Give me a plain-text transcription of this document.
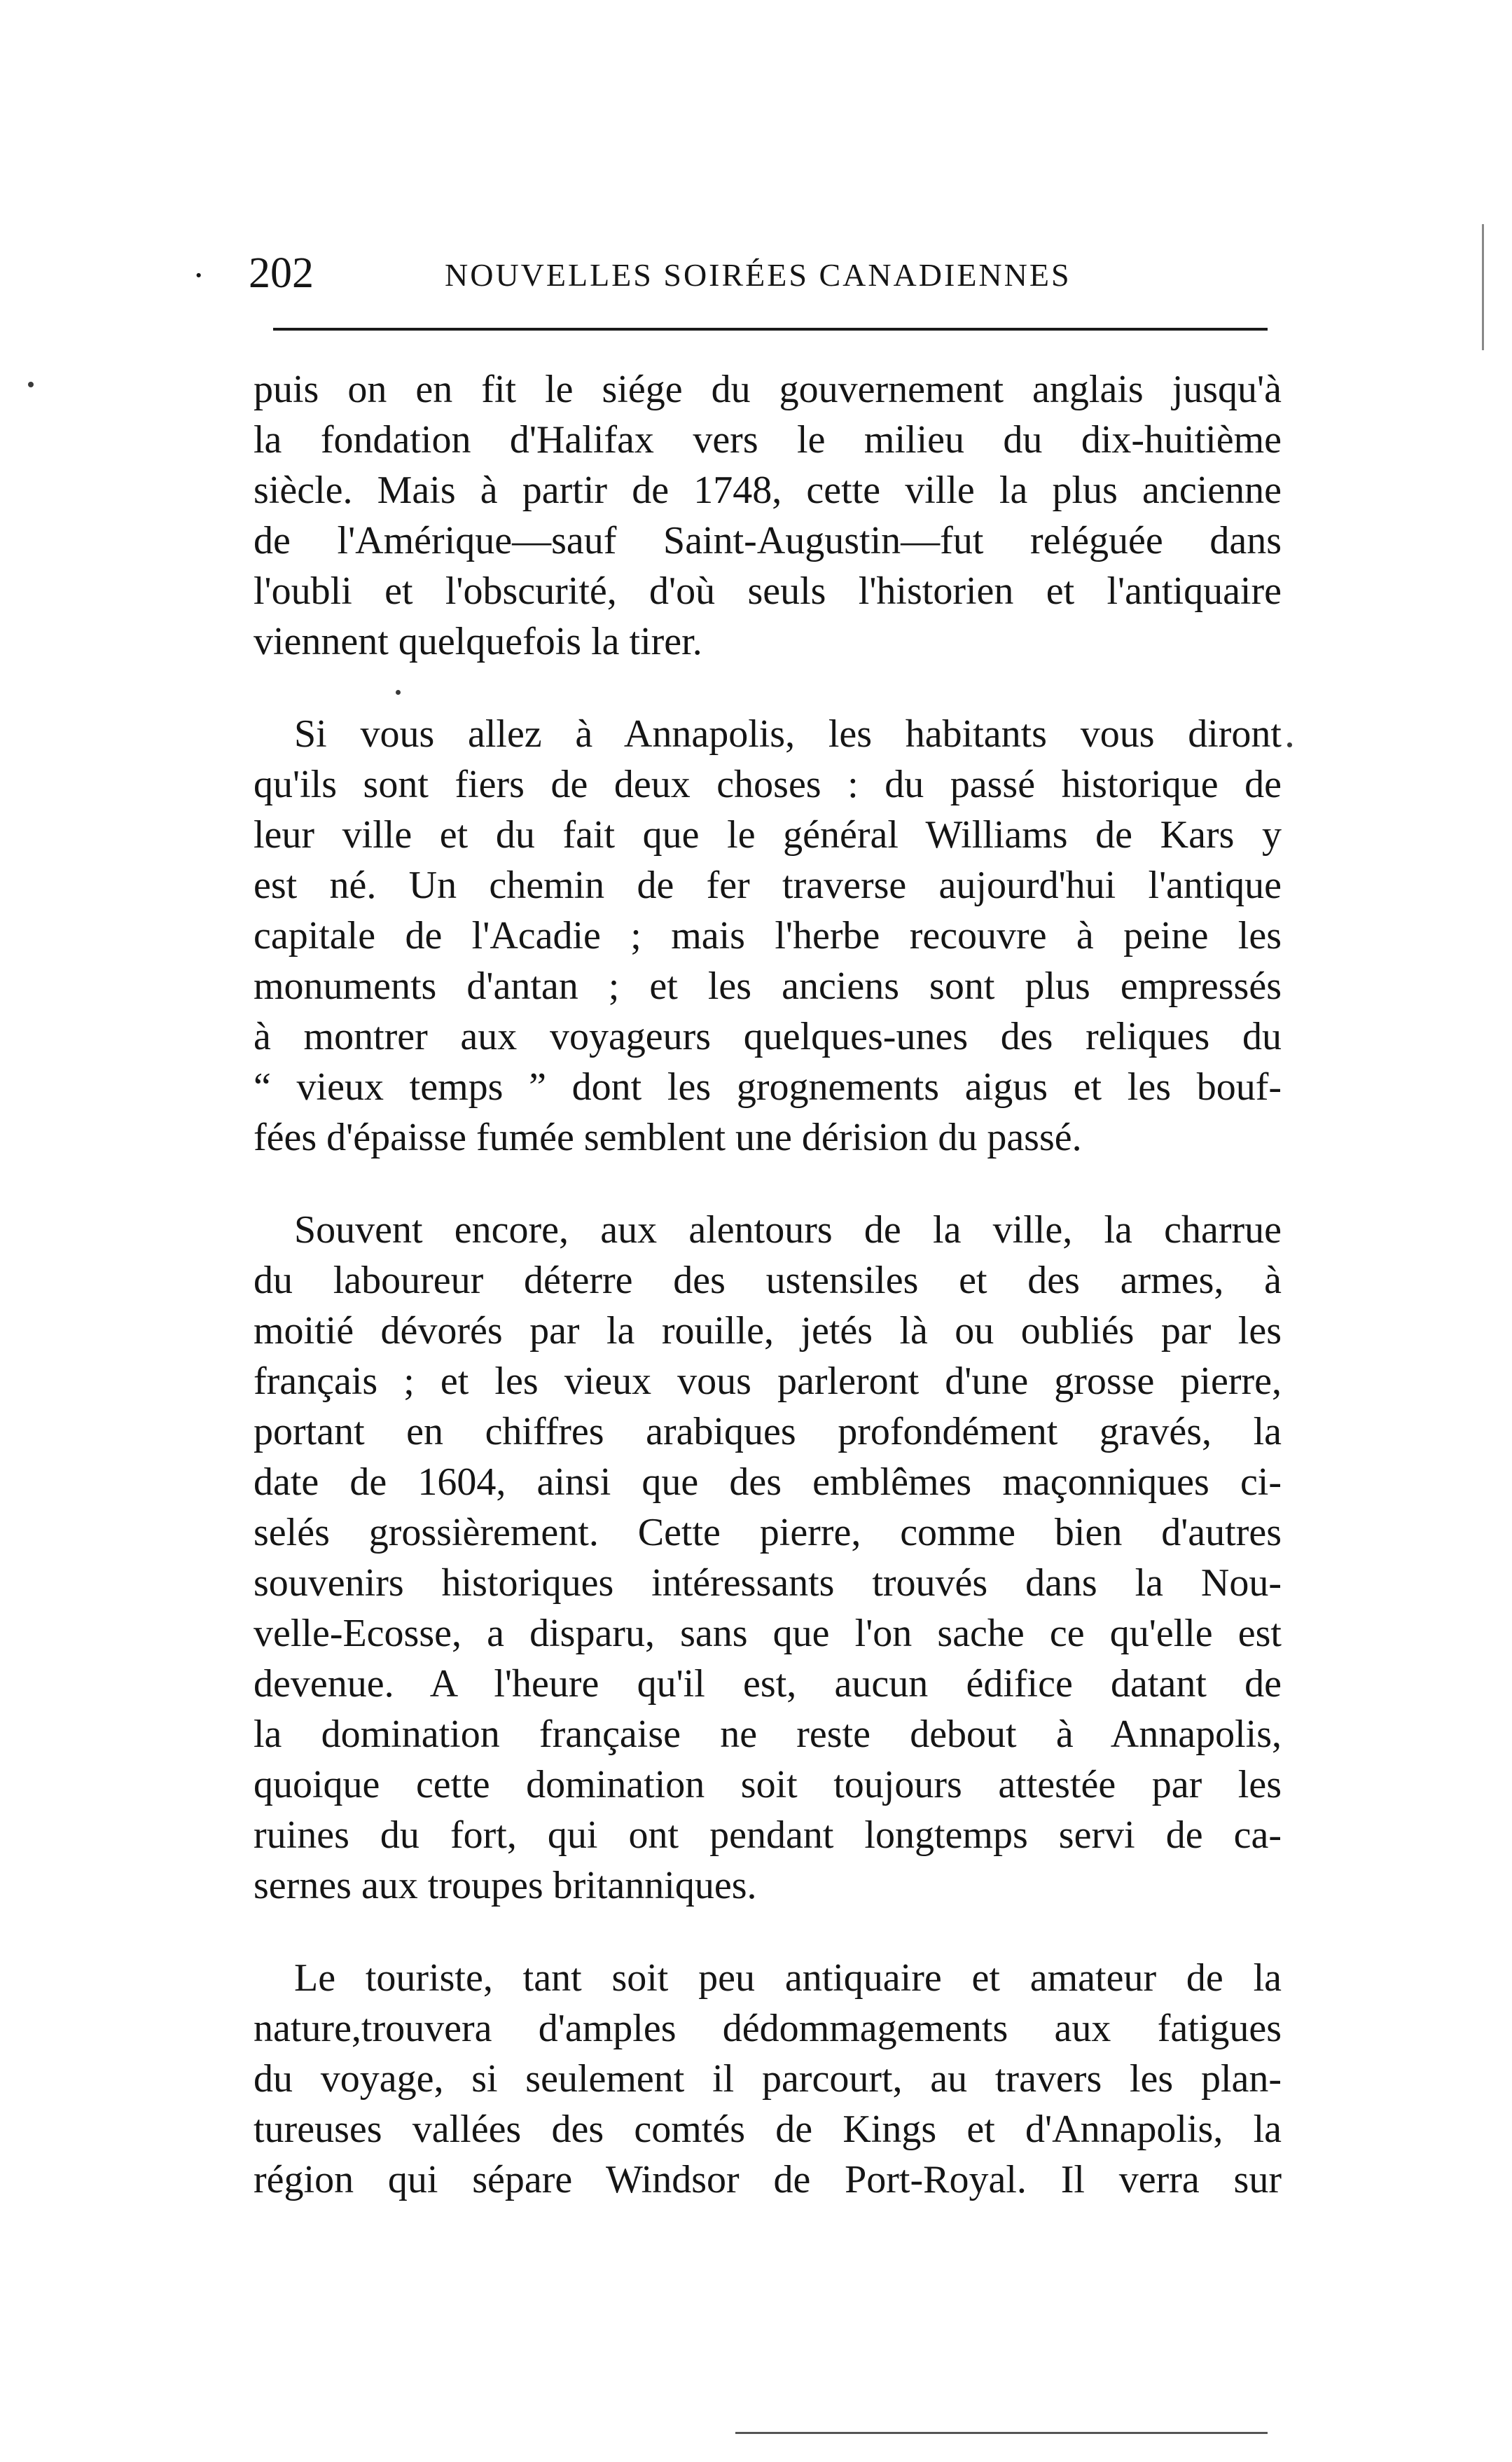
· 202	NOUVELLES SOIRÉES CANADIENNES
puis on en fit le siége du gouvernement anglais jusqu'à
la fondation d'Halifax vers le milieu du dix-huitième
siècle. Mais à partir de 1748, cette ville la plus ancienne
de l'Amérique—sauf Saint-Augustin—fut reléguée dans
l'oubli et l'obscurité, d'où seuls l'historien et l'antiquaire
viennent quelquefois la tirer.
Si vous allez à Annapolis, les habitants vous diront
qu'ils sont fiers de deux choses : du passé historique de
leur ville et du fait que le général Williams de Kars y
est né. Un chemin de fer traverse aujourd'hui l'antique
capitale de l'Acadie ; mais l'herbe recouvre à peine les
monuments d'antan ; et les anciens sont plus empressés
à montrer aux voyageurs quelques-unes des reliques du
“ vieux temps ” dont les grognements aigus et les bouf-
fées d'épaisse fumée semblent une dérision du passé.
Souvent encore, aux alentours de la ville, la charrue
du laboureur déterre des ustensiles et des armes, à
moitié dévorés par la rouille, jetés là ou oubliés par les
français ; et les vieux vous parleront d'une grosse pierre,
portant en chiffres arabiques profondément gravés, la
date de 1604, ainsi que des emblêmes maçonniques ci-
selés grossièrement. Cette pierre, comme bien d'autres
souvenirs historiques intéressants trouvés dans la Nou-
velle-Ecosse, a disparu, sans que l'on sache ce qu'elle est
devenue. A l'heure qu'il est, aucun édifice datant de
la domination française ne reste debout à Annapolis,
quoique cette domination soit toujours attestée par les
ruines du fort, qui ont pendant longtemps servi de ca-
sernes aux troupes britanniques.
Le touriste, tant soit peu antiquaire et amateur de la
nature,trouvera d'amples dédommagements aux fatigues
du voyage, si seulement il parcourt, au travers les plan-
tureuses vallées des comtés de Kings et d'Annapolis, la
région qui sépare Windsor de Port-Royal. Il verra sur
